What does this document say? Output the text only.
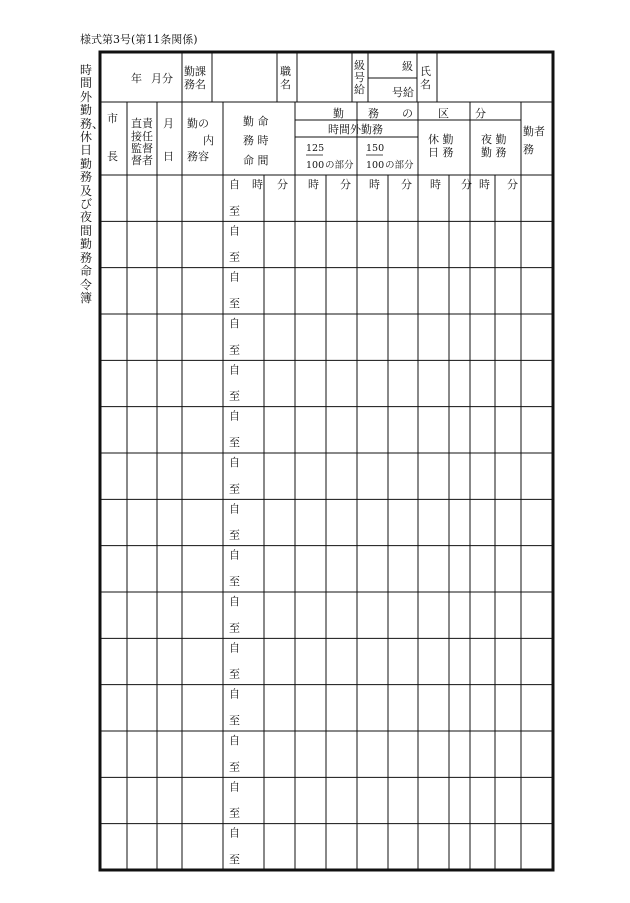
様式第3号(第11条関係)
時間外勤務、休日勤務及び夜間勤務命令簿
年 月分
勤課
務名
職
名
級
号
給
級
号給
氏
名
市
長
直責
接任
監督
督者
月
日
勤の
内
務容
勤 命
務 時
命 間
勤 務 の 区 分
時間外勤務
125
100 の部分
150
100 の部分
休 勤
日 務
夜 勤
勤 務
勤者
務
自
至
時 分 時 分 時 分 時 分 時 分
自
至
自
至
自
至
自
至
自
至
自
至
自
至
自
至
自
至
自
至
自
至
自
至
自
至
自
至
